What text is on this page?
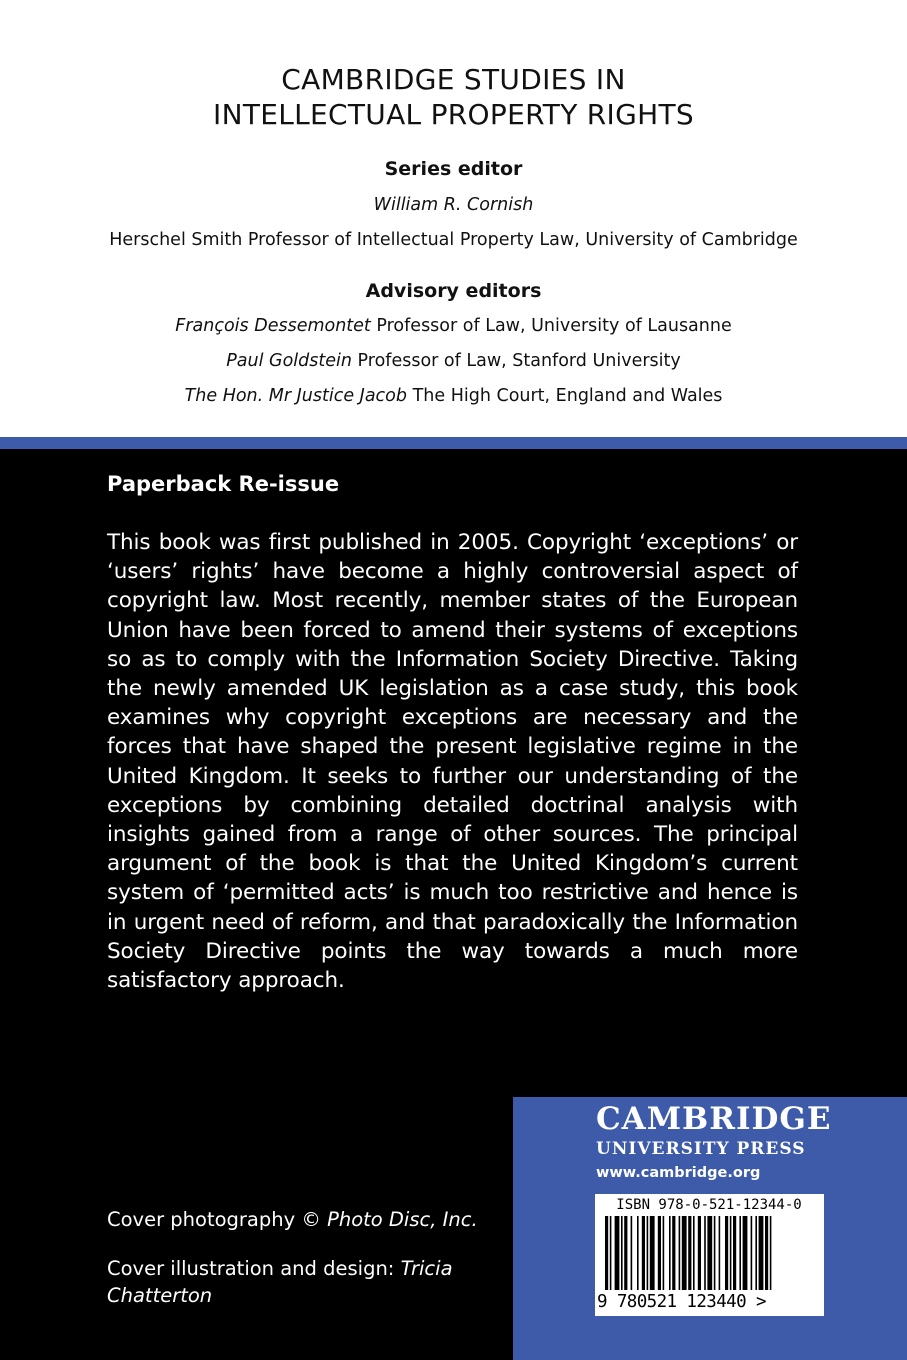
CAMBRIDGE STUDIES IN
INTELLECTUAL PROPERTY RIGHTS
Series editor
William R. Cornish
Herschel Smith Professor of Intellectual Property Law, University of Cambridge
Advisory editors
François Dessemontet Professor of Law, University of Lausanne
Paul Goldstein Professor of Law, Stanford University
The Hon. Mr Justice Jacob The High Court, England and Wales
Paperback Re-issue
This book was first published in 2005. Copyright ‘exceptions’ or ‘users’ rights’ have become a highly controversial aspect of copyright law. Most recently, member states of the European Union have been forced to amend their systems of exceptions so as to comply with the Information Society Directive. Taking the newly amended UK legislation as a case study, this book examines why copyright exceptions are necessary and the forces that have shaped the present legislative regime in the United Kingdom. It seeks to further our understanding of the exceptions by combining detailed doctrinal analysis with insights gained from a range of other sources. The principal argument of the book is that the United Kingdom’s current system of ‘permitted acts’ is much too restrictive and hence is in urgent need of reform, and that paradoxically the Information Society Directive points the way towards a much more satisfactory approach.
Cover photography © Photo Disc, Inc.
Cover illustration and design: Tricia Chatterton
CAMBRIDGE
UNIVERSITY PRESS
www.cambridge.org
ISBN 978-0-521-12344-0
9 780521 123440 >
